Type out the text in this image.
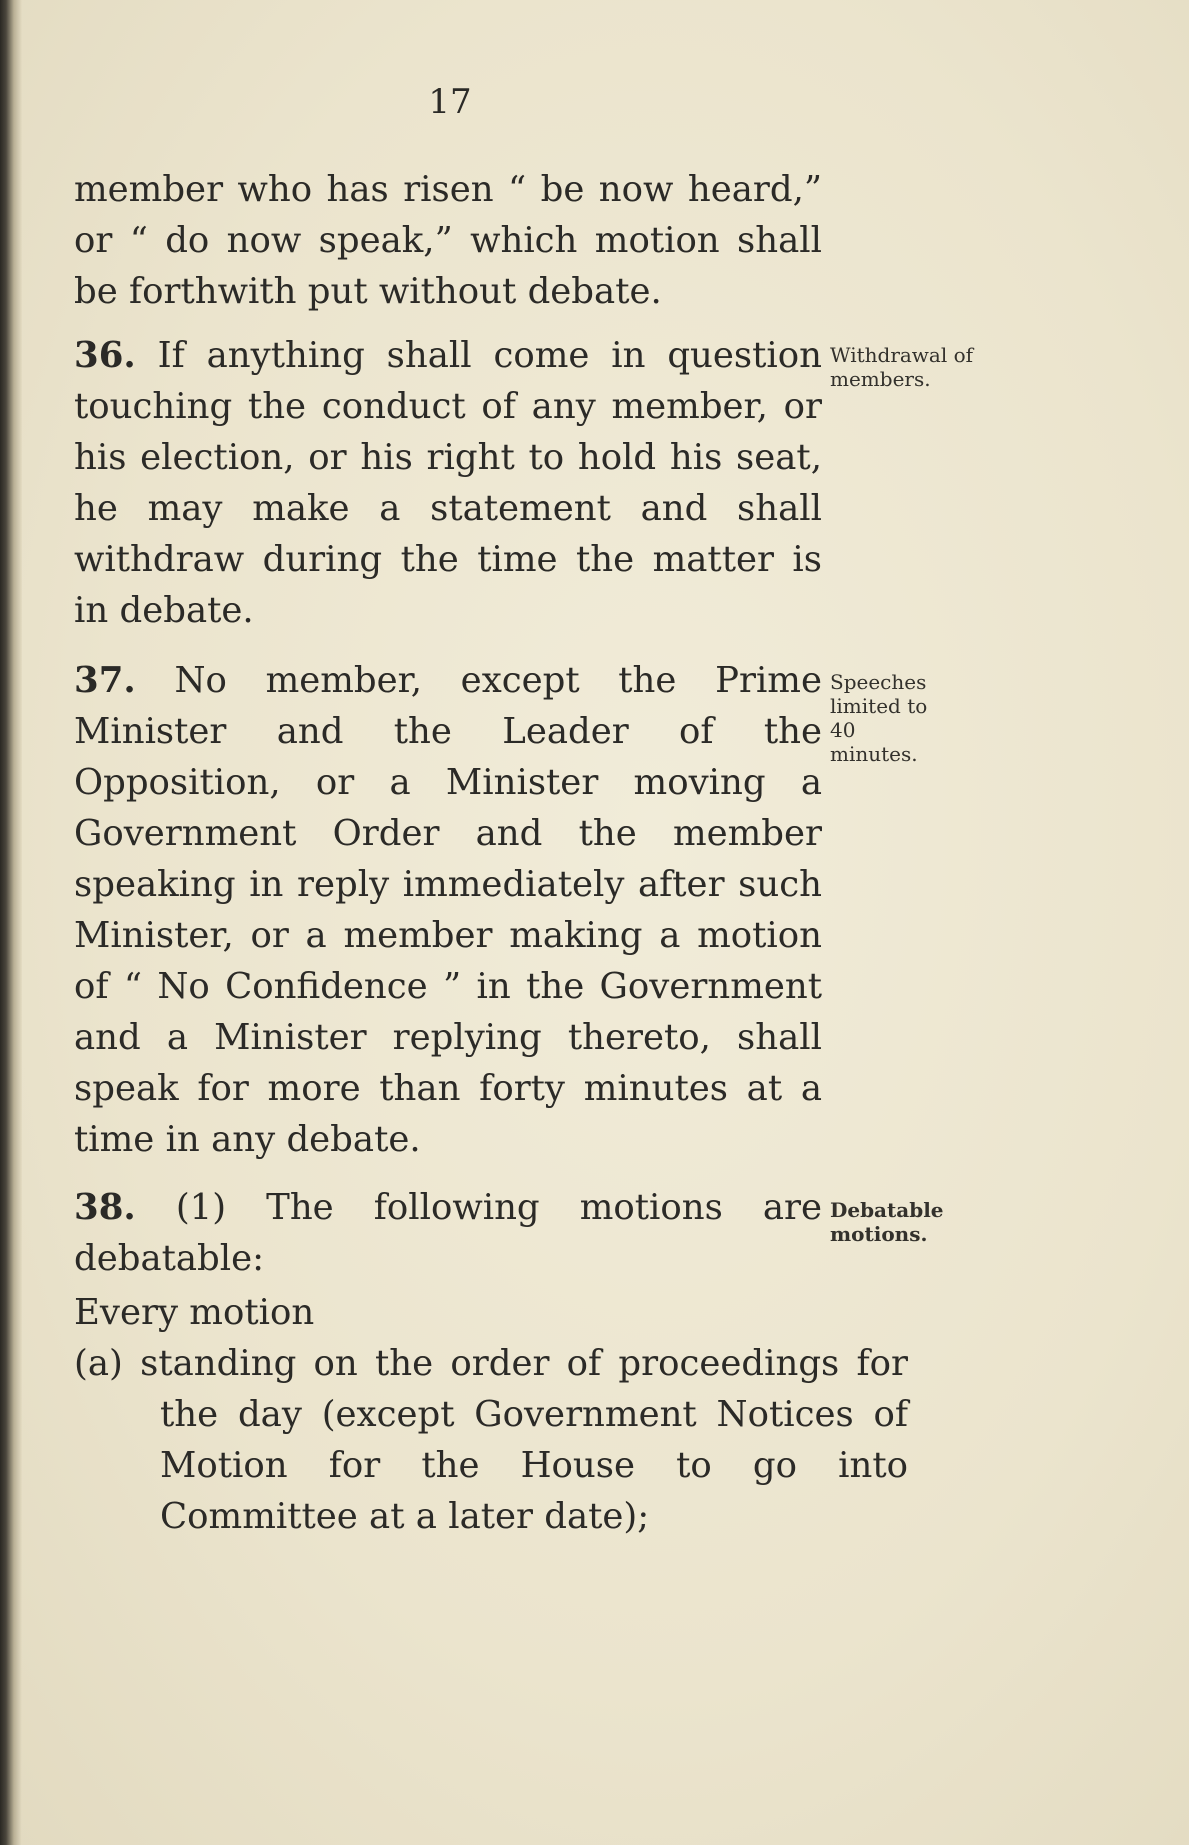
17

member who has risen “ be now heard,” or “ do now speak,” which motion shall be forthwith put without debate.

36. If anything shall come in question touching the conduct of any member, or his election, or his right to hold his seat, he may make a statement and shall withdraw during the time the matter is in debate.

Withdrawal of members.

37. No member, except the Prime Minister and the Leader of the Opposition, or a Minister moving a Government Order and the member speaking in reply immediately after such Minister, or a member making a motion of “ No Confidence ” in the Government and a Minister replying thereto, shall speak for more than forty minutes at a time in any debate.

Speeches limited to 40 minutes.

38. (1) The following motions are debatable:

Debatable motions.

Every motion

(a) standing on the order of proceedings for the day (except Government Notices of Motion for the House to go into Committee at a later date);
